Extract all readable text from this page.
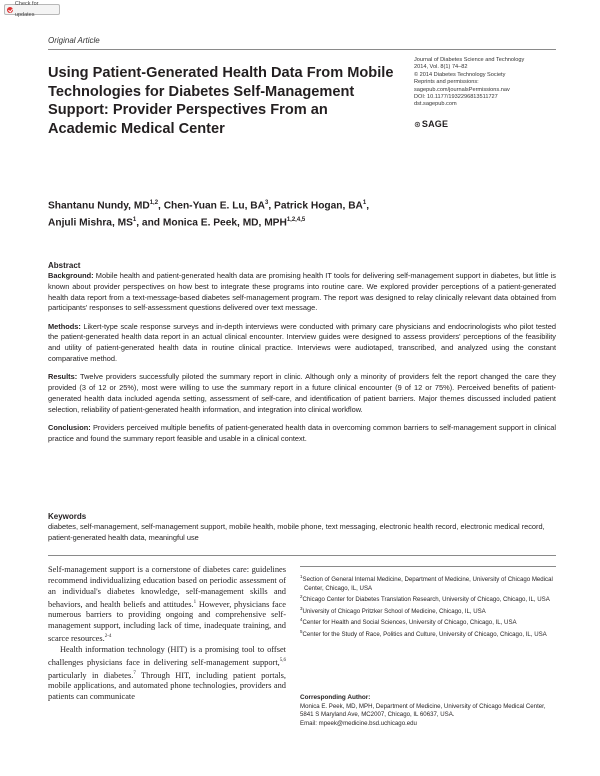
Check for updates
Original Article
Using Patient-Generated Health Data From Mobile Technologies for Diabetes Self-Management Support: Provider Perspectives From an Academic Medical Center
Journal of Diabetes Science and Technology
2014, Vol. 8(1) 74–82
© 2014 Diabetes Technology Society
Reprints and permissions:
sagepub.com/journalsPermissions.nav
DOI: 10.1177/1932296813511727
dst.sagepub.com
⊛SAGE
Shantanu Nundy, MD$^{1,2}$, Chen-Yuan E. Lu, $BA^3$, Patrick Hogan, $BA^1$,
Anjuli Mishra, $MS^1$, and Monica E. Peek, MD, MPH$^{1,2,4,5}$
Abstract

Background: Mobile health and patient-generated health data are promising health IT tools for delivering self-management support in diabetes, but little is known about provider perspectives on how best to integrate these programs into routine care. We explored provider perceptions of a patient-generated health data report from a text-message-based diabetes self-management program. The report was designed to relay clinically relevant data obtained from participants' responses to self-assessment questions delivered over text message.

Methods: Likert-type scale response surveys and in-depth interviews were conducted with primary care physicians and endocrinologists who pilot tested the patient-generated health data report in an actual clinical encounter. Interview guides were designed to assess providers' perceptions of the feasibility and utility of patient-generated health data in routine clinical practice. Interviews were audiotaped, transcribed, and analyzed using the constant comparative method.

Results: Twelve providers successfully piloted the summary report in clinic. Although only a minority of providers felt the report changed the care they provided (3 of 12 or 25%), most were willing to use the summary report in a future clinical encounter (9 of 12 or 75%). Perceived benefits of patient-generated health data included agenda setting, assessment of self-care, and identification of patient barriers. Major themes discussed included patient selection, reliability of patient-generated health information, and integration into clinical workflow.

Conclusion: Providers perceived multiple benefits of patient-generated health data in overcoming common barriers to self-management support in clinical practice and found the summary report feasible and usable in a clinical context.

Keywords
diabetes, self-management, self-management support, mobile health, mobile phone, text messaging, electronic health record, electronic medical record, patient-generated health data, meaningful use

Self-management support is a cornerstone of diabetes care: guidelines recommend individualizing education based on periodic assessment of an individual's diabetes knowledge, self-management skills and behaviors, and health beliefs and attitudes.$^1$ However, physicians face numerous barriers to providing ongoing and comprehensive self-management support, including lack of time, inadequate training, and scarce resources.$^{2-4}$

Health information technology (HIT) is a promising tool to offset challenges physicians face in delivering self-management support,$^{5,6}$ particularly in diabetes.$^7$ Through HIT, including patient portals, mobile applications, and automated phone technologies, providers and patients can communicate

$^1$Section of General Internal Medicine, Department of Medicine, University of Chicago Medical Center, Chicago, IL, USA
$^2$Chicago Center for Diabetes Translation Research, University of Chicago, Chicago, IL, USA
$^3$University of Chicago Pritzker School of Medicine, Chicago, IL, USA
$^4$Center for Health and Social Sciences, University of Chicago, Chicago, IL, USA
$^5$Center for the Study of Race, Politics and Culture, University of Chicago, Chicago, IL, USA
Corresponding Author:
Monica E. Peek, MD, MPH, Department of Medicine, University of Chicago Medical Center, 5841 S Maryland Ave, MC2007, Chicago, IL 60637, USA.
Email: mpeek@medicine.bsd.uchicago.edu
